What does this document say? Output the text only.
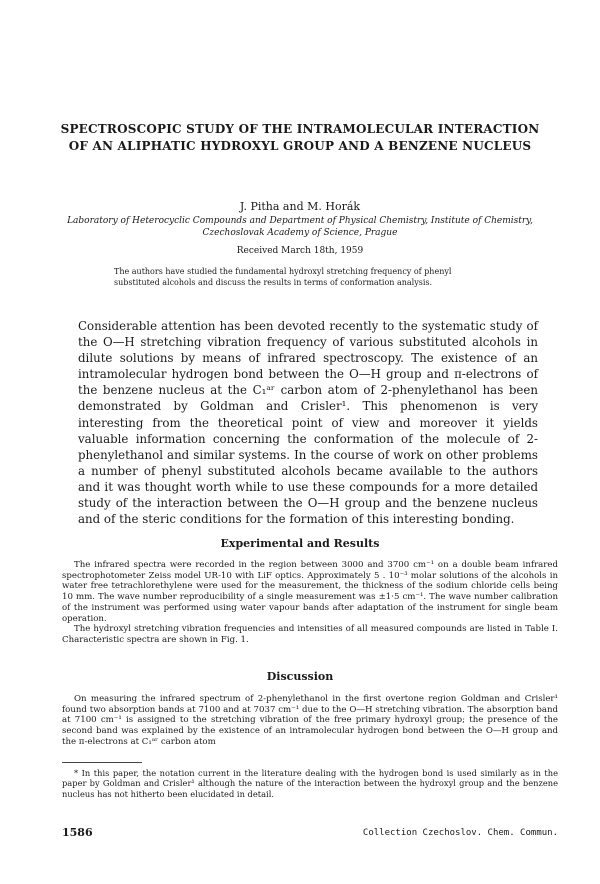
SPECTROSCOPIC STUDY OF THE INTRAMOLECULAR INTERACTION

OF AN ALIPHATIC HYDROXYL GROUP AND A BENZENE NUCLEUS

J. Pitha and M. Horák
Laboratory of Heterocyclic Compounds and Department of Physical Chemistry, Institute of Chemistry,
Czechoslovak Academy of Science, Prague
Received March 18th, 1959
The authors have studied the fundamental hydroxyl stretching frequency of phenyl substituted alcohols and discuss the results in terms of conformation analysis.

Considerable attention has been devoted recently to the systematic study of the O—H stretching vibration frequency of various substituted alcohols in dilute solutions by means of infrared spectroscopy. The existence of an intramolecular hydrogen bond between the O—H group and π-electrons of the benzene nucleus at the C₁ᵃʳ carbon atom of 2-phenylethanol has been demonstrated by Goldman and Crisler¹. This phenomenon is very interesting from the theoretical point of view and moreover it yields valuable information concerning the conformation of the molecule of 2-phenylethanol and similar systems. In the course of work on other problems a number of phenyl substituted alcohols became available to the authors and it was thought worth while to use these compounds for a more detailed study of the interaction between the O—H group and the benzene nucleus and of the steric conditions for the formation of this interesting bonding.

Experimental and Results

The infrared spectra were recorded in the region between 3000 and 3700 cm⁻¹ on a double beam infrared spectrophotometer Zeiss model UR-10 with LiF optics. Approximately 5 . 10⁻³ molar solutions of the alcohols in water free tetrachlorethylene were used for the measurement, the thickness of the sodium chloride cells being 10 mm. The wave number reproducibility of a single measurement was ±1·5 cm⁻¹. The wave number calibration of the instrument was performed using water vapour bands after adaptation of the instrument for single beam operation.

The hydroxyl stretching vibration frequencies and intensities of all measured compounds are listed in Table I. Characteristic spectra are shown in Fig. 1.

Discussion

On measuring the infrared spectrum of 2-phenylethanol in the first overtone region Goldman and Crisler¹ found two absorption bands at 7100 and at 7037 cm⁻¹ due to the O—H stretching vibration. The absorption band at 7100 cm⁻¹ is assigned to the stretching vibration of the free primary hydroxyl group; the presence of the second band was explained by the existence of an intramolecular hydrogen bond between the O—H group and the π-electrons at C₁ᵃʳ carbon atom

* In this paper, the notation current in the literature dealing with the hydrogen bond is used similarly as in the paper by Goldman and Crisler¹ although the nature of the interaction between the hydroxyl group and the benzene nucleus has not hitherto been elucidated in detail.

1586	Collection Czechoslov. Chem. Commun.
